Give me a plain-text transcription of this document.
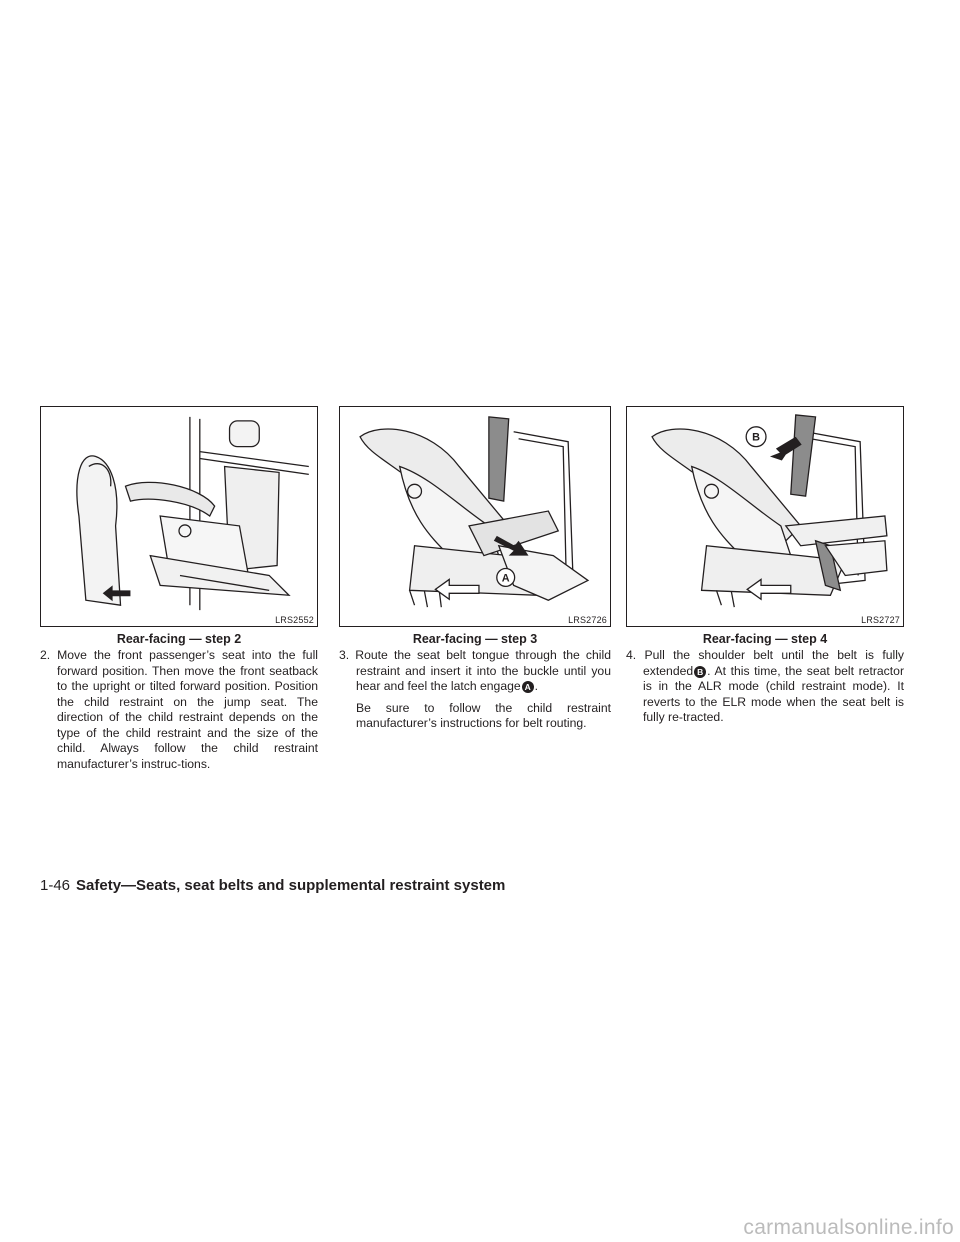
LRS2552
Rear-facing — step 2
2. Move the front passenger’s seat into the full forward position. Then move the front seatback to the upright or tilted forward position. Position the child restraint on the jump seat. The direction of the child restraint depends on the type of the child restraint and the size of the child. Always follow the child restraint manufacturer’s instruc-tions.
A
LRS2726
Rear-facing — step 3
3. Route the seat belt tongue through the child restraint and insert it into the buckle until you hear and feel the latch engage A .
Be sure to follow the child restraint manufacturer’s instructions for belt routing.
B
LRS2727
Rear-facing — step 4
4. Pull the shoulder belt until the belt is fully extended B . At this time, the seat belt retractor is in the ALR mode (child restraint mode). It reverts to the ELR mode when the seat belt is fully re-tracted.
1-46 Safety—Seats, seat belts and supplemental restraint system
carmanualsonline.info
